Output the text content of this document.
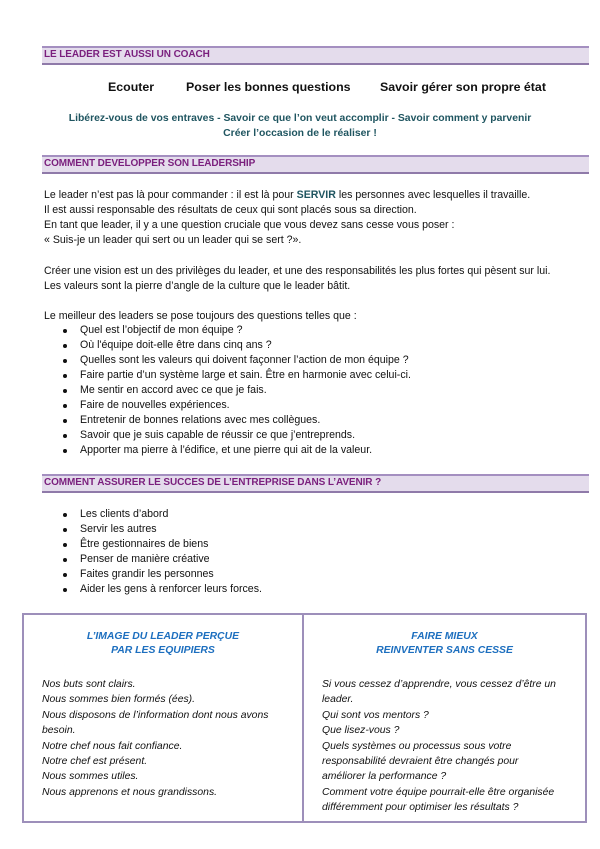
LE LEADER EST AUSSI UN COACH
Ecouter	Poser les bonnes questions Savoir gérer son propre état
Libérez-vous de vos entraves - Savoir ce que l’on veut accomplir - Savoir comment y parvenir
Créer l’occasion de le réaliser !
COMMENT DEVELOPPER SON LEADERSHIP
Le leader n’est pas là pour commander : il est là pour SERVIR les personnes avec lesquelles il travaille.
Il est aussi responsable des résultats de ceux qui sont placés sous sa direction.
En tant que leader, il y a une question cruciale que vous devez sans cesse vous poser :
« Suis-je un leader qui sert ou un leader qui se sert ?».
Créer une vision est un des privilèges du leader, et une des responsabilités les plus fortes qui pèsent sur lui.
Les valeurs sont la pierre d’angle de la culture que le leader bâtit.
Le meilleur des leaders se pose toujours des questions telles que :
Quel est l’objectif de mon équipe ?
Où l'équipe doit-elle être dans cinq ans ?
Quelles sont les valeurs qui doivent façonner l’action de mon équipe ?
Faire partie d’un système large et sain. Être en harmonie avec celui-ci.
Me sentir en accord avec ce que je fais.
Faire de nouvelles expériences.
Entretenir de bonnes relations avec mes collègues.
Savoir que je suis capable de réussir ce que j’entreprends.
Apporter ma pierre à l’édifice, et une pierre qui ait de la valeur.
COMMENT ASSURER LE SUCCES DE L’ENTREPRISE DANS L’AVENIR ?
Les clients d’abord
Servir les autres
Être gestionnaires de biens
Penser de manière créative
Faites grandir les personnes
Aider les gens à renforcer leurs forces.
L’IMAGE DU LEADER PERÇUE
PAR LES EQUIPIERS
Nos buts sont clairs.
Nous sommes bien formés (ées).
Nous disposons de l’information dont nous avons
besoin.
Notre chef nous fait confiance.
Notre chef est présent.
Nous sommes utiles.
Nous apprenons et nous grandissons.
FAIRE MIEUX
REINVENTER SANS CESSE
Si vous cessez d’apprendre, vous cessez d’être un
leader.
Qui sont vos mentors ?
Que lisez-vous ?
Quels systèmes ou processus sous votre
responsabilité devraient être changés pour
améliorer la performance ?
Comment votre équipe pourrait-elle être organisée
différemment pour optimiser les résultats ?
